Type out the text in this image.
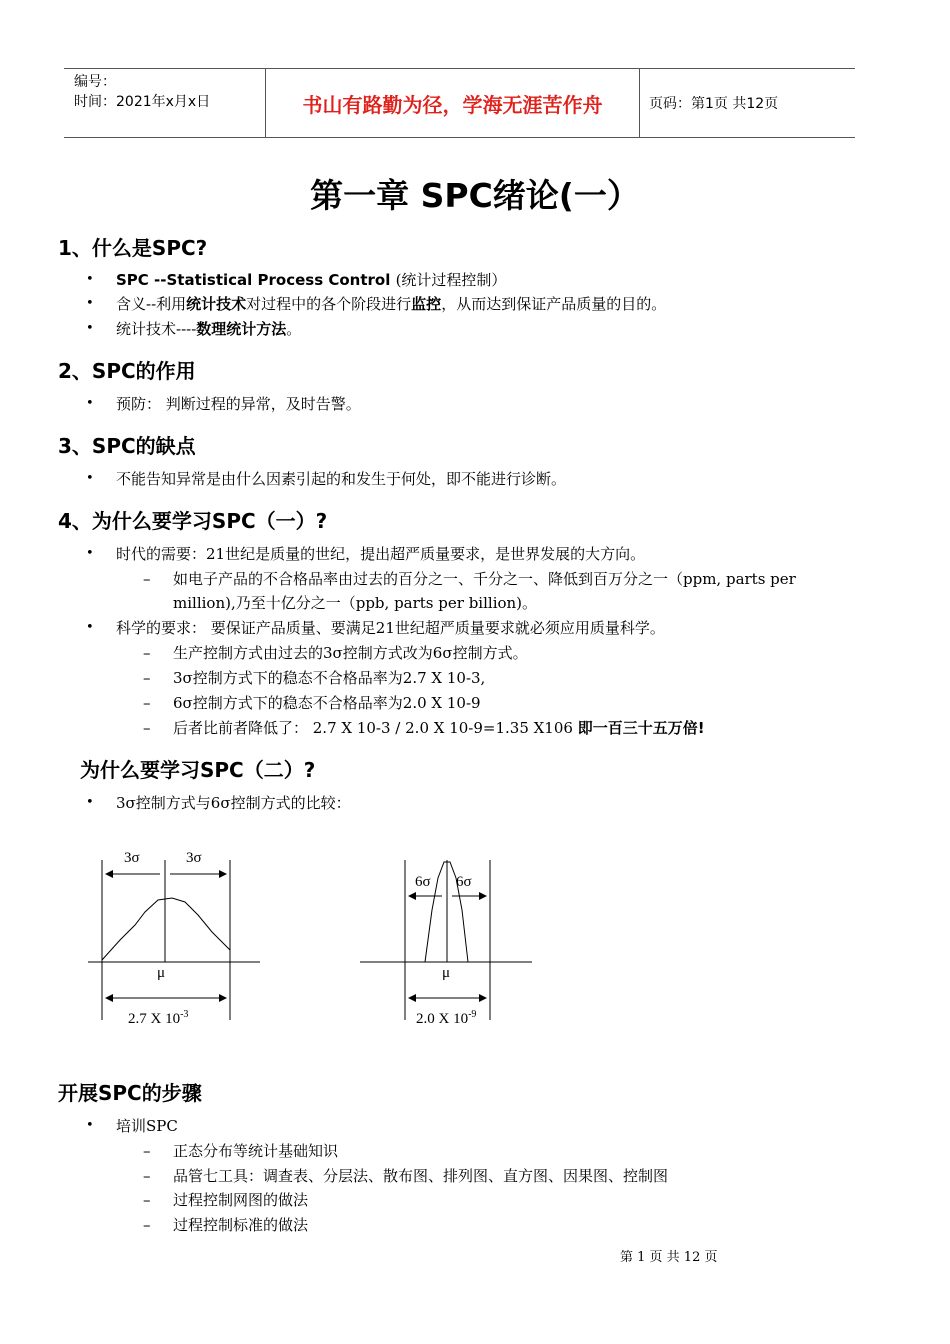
编号：
时间：2021年x月x日	书山有路勤为径，学海无涯苦作舟	页码：第1页 共12页
第一章 SPC绪论(一）
1、什么是SPC?
• SPC --Statistical Process Control (统计过程控制）
• 含义--利用统计技术对过程中的各个阶段进行监控，从而达到保证产品质量的目的。
• 统计技术----数理统计方法。
2、SPC的作用
• 预防： 判断过程的异常，及时告警。
3、SPC的缺点
• 不能告知异常是由什么因素引起的和发生于何处，即不能进行诊断。
4、为什么要学习SPC（一）?
• 时代的需要：21世纪是质量的世纪，提出超严质量要求，是世界发展的大方向。
– 如电子产品的不合格品率由过去的百分之一、千分之一、降低到百万分之一（ppm, parts per
million),乃至十亿分之一（ppb, parts per billion)。
• 科学的要求： 要保证产品质量、要满足21世纪超严质量要求就必须应用质量科学。
– 生产控制方式由过去的3σ控制方式改为6σ控制方式。
– 3σ控制方式下的稳态不合格品率为2.7 X 10-3,
– 6σ控制方式下的稳态不合格品率为2.0 X 10-9
– 后者比前者降低了： 2.7 X 10-3 / 2.0 X 10-9=1.35 X106 即一百三十五万倍!
为什么要学习SPC（二）?
• 3σ控制方式与6σ控制方式的比较：
3σ	3σ
μ
2.7 X $10^{-3}$
6σ 6σ
μ
2.0 X $10^{-9}$
开展SPC的步骤
• 培训SPC
– 正态分布等统计基础知识
– 品管七工具：调查表、分层法、散布图、排列图、直方图、因果图、控制图
– 过程控制网图的做法
– 过程控制标准的做法
第 1 页 共 12 页
